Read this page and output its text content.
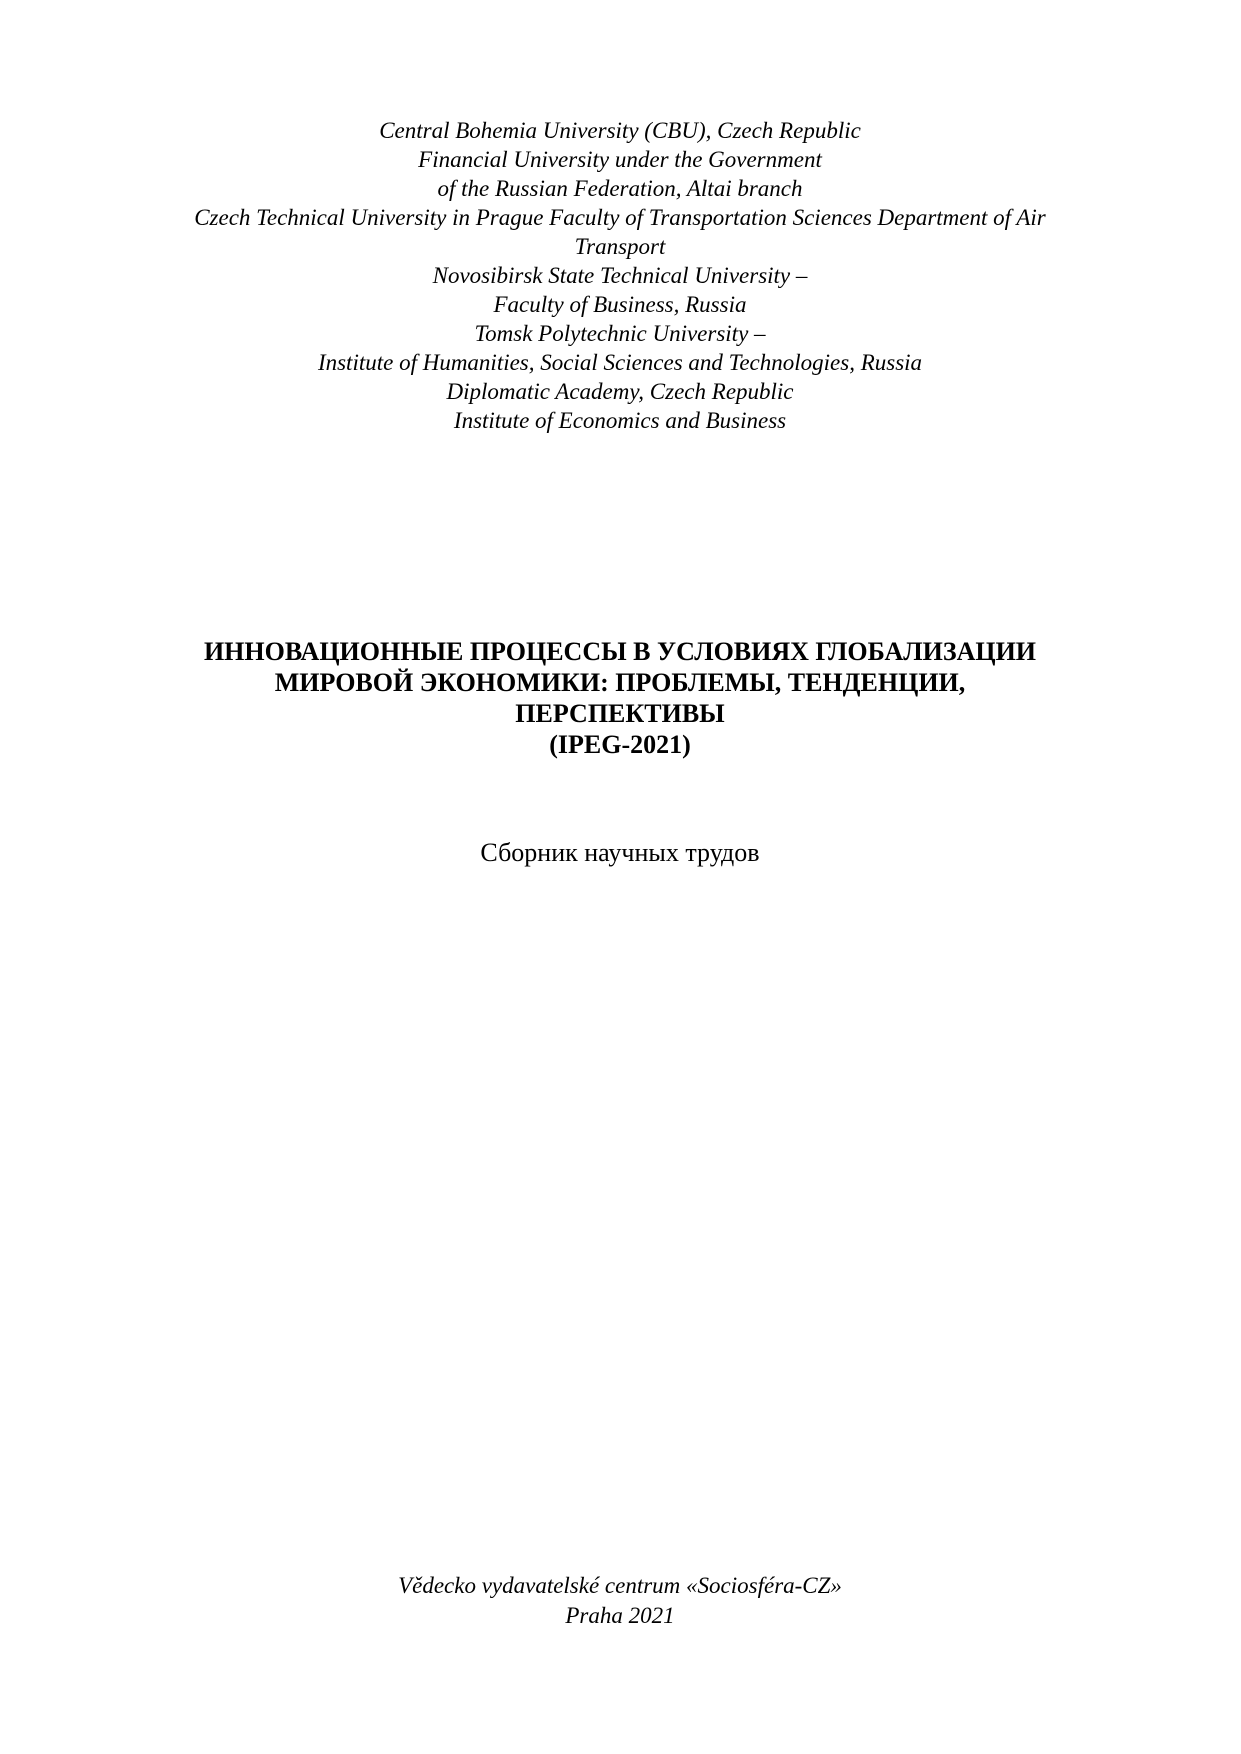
Central Bohemia University (CBU), Czech Republic
Financial University under the Government
of the Russian Federation, Altai branch
Czech Technical University in Prague Faculty of Transportation Sciences Department of Air
Transport
Novosibirsk State Technical University –
Faculty of Business, Russia
Tomsk Polytechnic University –
Institute of Humanities, Social Sciences and Technologies, Russia
Diplomatic Academy, Czech Republic
Institute of Economics and Business
ИННОВАЦИОННЫЕ ПРОЦЕССЫ В УСЛОВИЯХ ГЛОБАЛИЗАЦИИ
МИРОВОЙ ЭКОНОМИКИ: ПРОБЛЕМЫ, ТЕНДЕНЦИИ,
ПЕРСПЕКТИВЫ
(IPEG-2021)
Сборник научных трудов
Vědecko vydavatelské centrum «Sociosféra-CZ»
Praha 2021
